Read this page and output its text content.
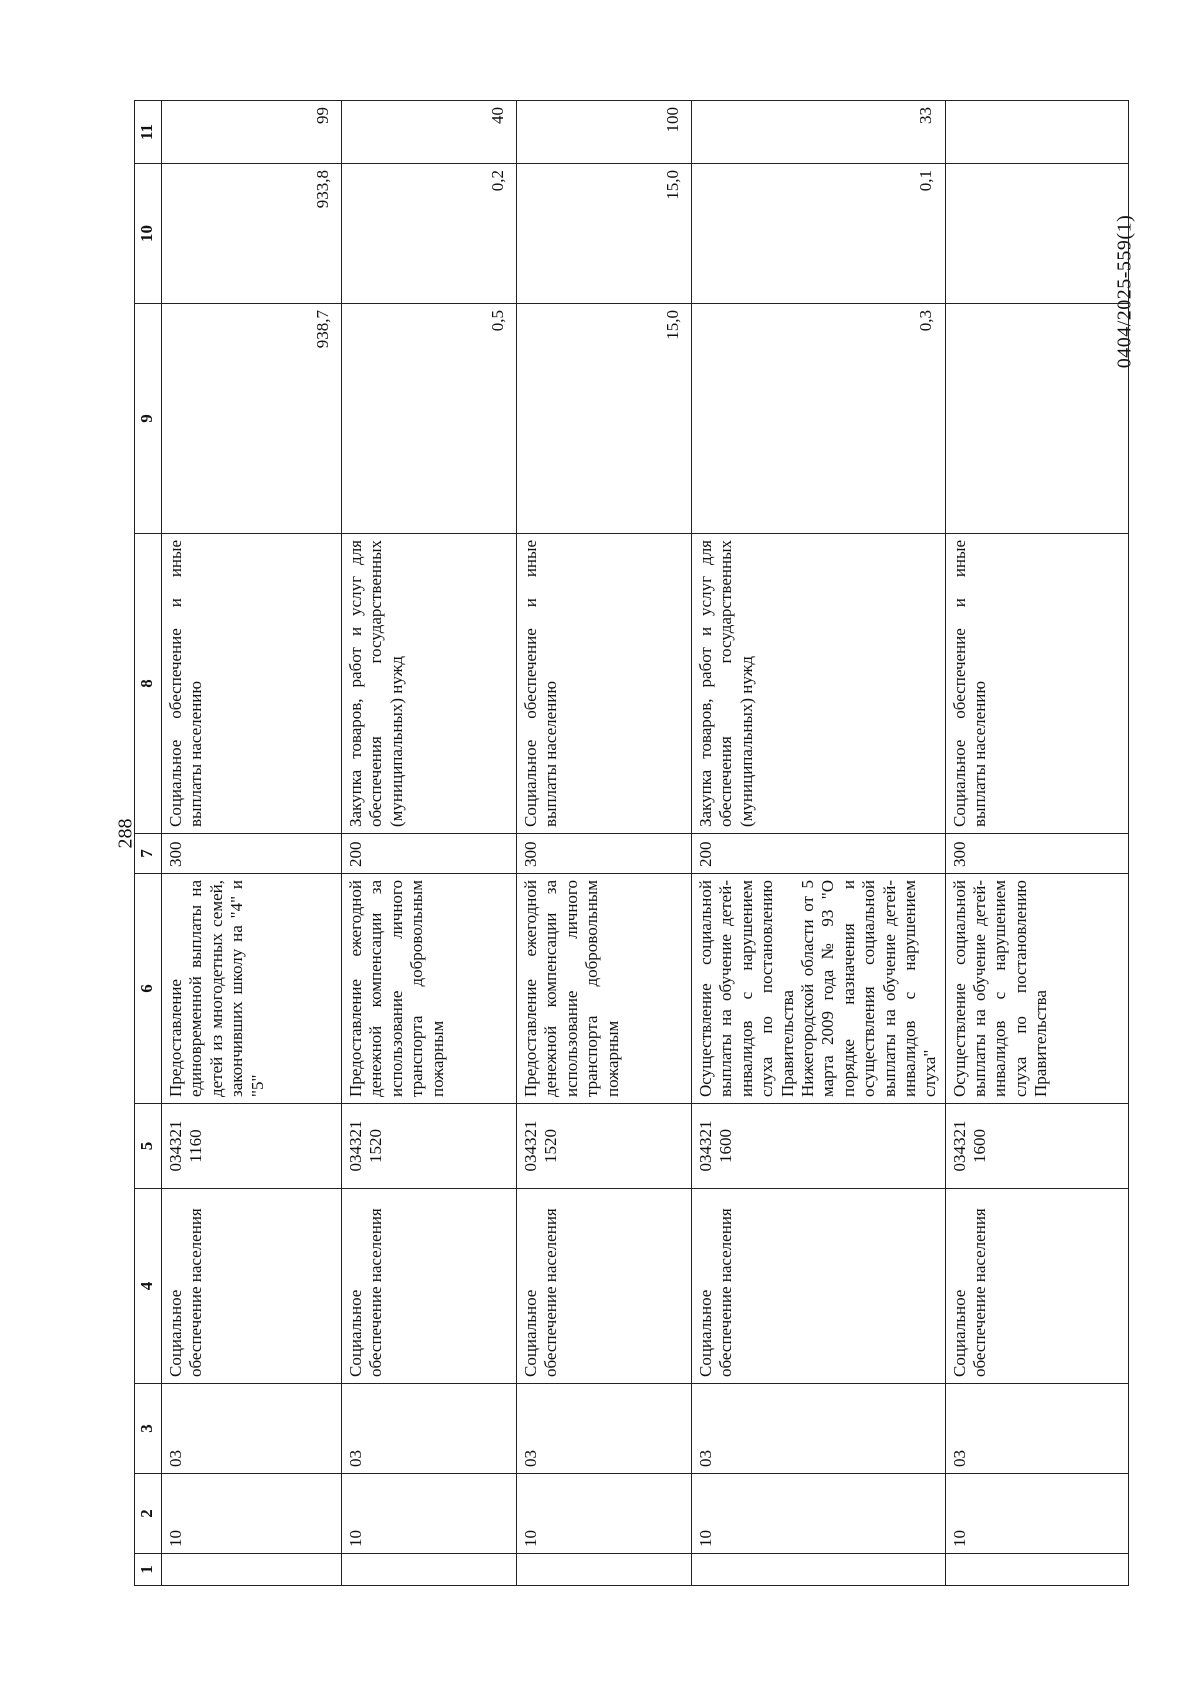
288
0404/2025-559(1)
1	2	3	4	5	6	7	8	9	10	11
	10	03	Социальное обеспечение населения	034321 1160	Предоставление единовременной выплаты на детей из многодетных семей, закончивших школу на "4" и "5"	300	Социальное обеспечение и иные выплаты населению	938,7	933,8	99
	10	03	Социальное обеспечение населения	034321 1520	Предоставление ежегодной денежной компенсации за использование личного транспорта добровольным пожарным	200	Закупка товаров, работ и услуг для обеспечения государственных (муниципальных) нужд	0,5	0,2	40
	10	03	Социальное обеспечение населения	034321 1520	Предоставление ежегодной денежной компенсации за использование личного транспорта добровольным пожарным	300	Социальное обеспечение и иные выплаты населению	15,0	15,0	100
	10	03	Социальное обеспечение населения	034321 1600	Осуществление социальной выплаты на обучение детей-инвалидов с нарушением слуха по постановлению Правительства Нижегородской области от 5 марта 2009 года № 93 "О порядке назначения и осуществления социальной выплаты на обучение детей-инвалидов с нарушением слуха"	200	Закупка товаров, работ и услуг для обеспечения государственных (муниципальных) нужд	0,3	0,1	33
	10	03	Социальное обеспечение населения	034321 1600	Осуществление социальной выплаты на обучение детей-инвалидов с нарушением слуха по постановлению Правительства	300	Социальное обеспечение и иные выплаты населению			
